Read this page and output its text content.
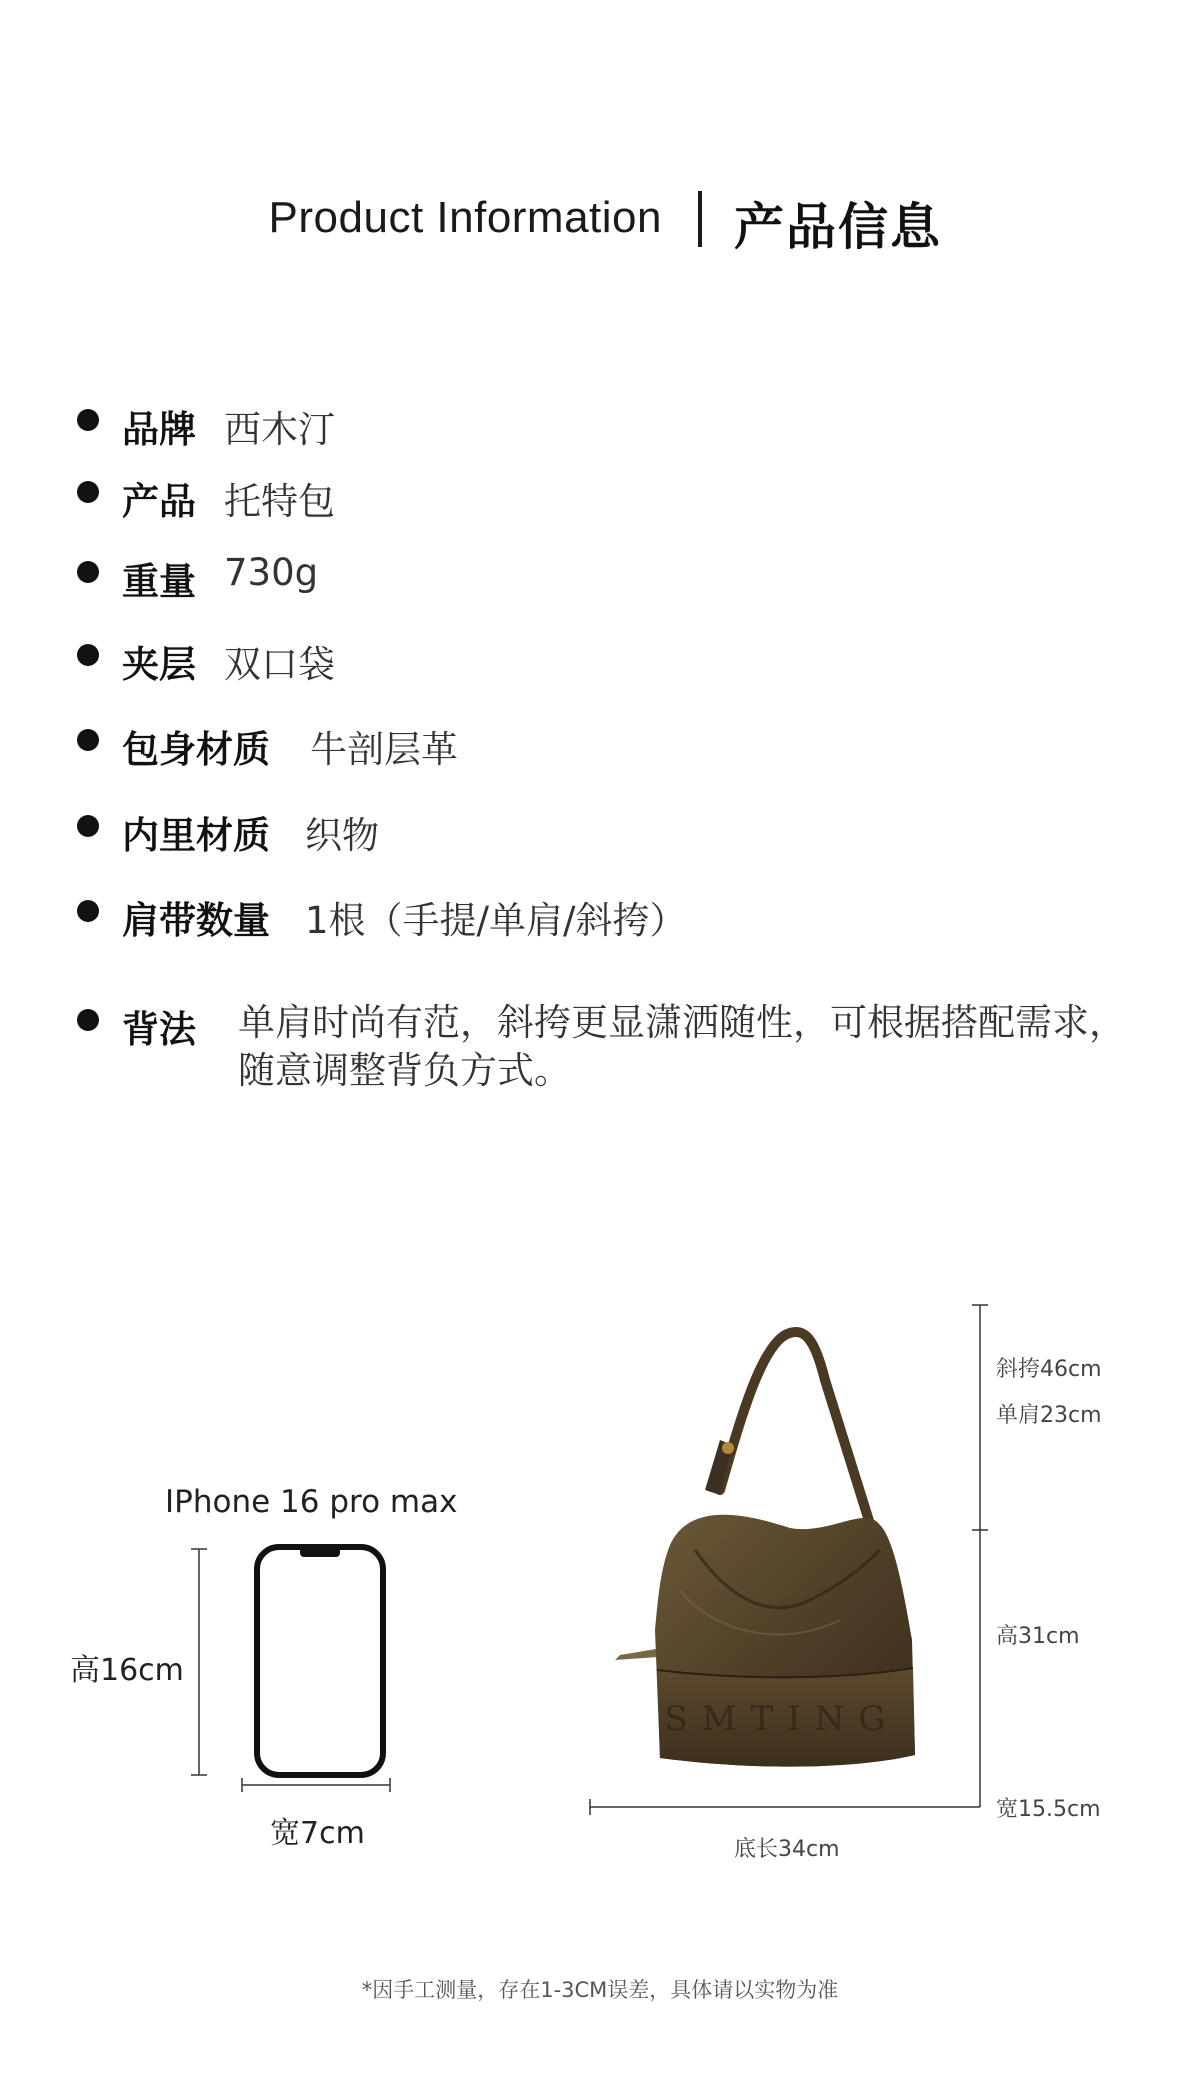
Product Information 产品信息
品牌 西木汀
产品 托特包
重量 730g
夹层 双口袋
包身材质 牛剖层革
内里材质 织物
肩带数量 1根（手提/单肩/斜挎）
背法 单肩时尚有范，斜挎更显潇洒随性，可根据搭配需求，
随意调整背负方式。
IPhone 16 pro max
高16cm
宽7cm
SMTING
斜挎46cm
单肩23cm
高31cm
宽15.5cm
底长34cm
*因手工测量，存在1-3CM误差，具体请以实物为准
